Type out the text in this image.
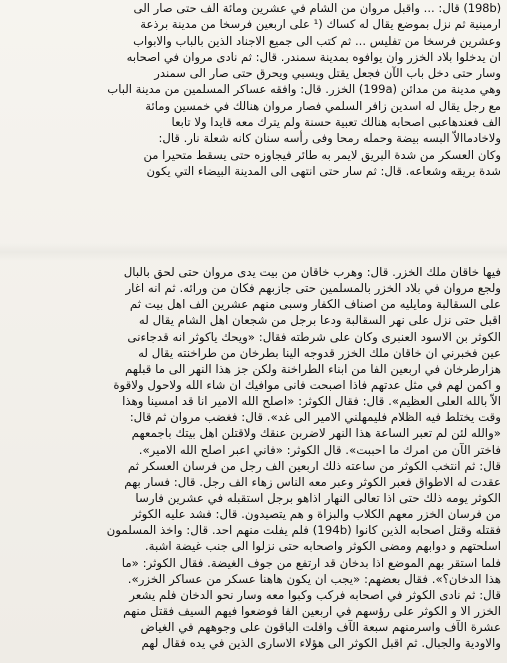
(198b) قال: ... واقبل مروان من الشام في عشرين ومائة الف حتى صار الى
ارمينية ثم نزل بموضع يقال له كساك (¹ على اربعين فرسخا من مدينة برذعة
وعشرين فرسخا من تفليس ... ثم كتب الى جميع الاجناد الذين بالباب والابواب
ان يدخلوا بلاد الخزر وان يوافوه بمدينة سمندر. قال: ثم نادى مروان في اصحابه
وسار حتى دخل باب الآن فجعل يقتل ويسبي ويحرق حتى صار الى سمندر
وهي مدينة من مدائن (199a) الخزر. قال: وافقه عساكر المسلمين من مدينة الباب
مع رجل يقال له اسدين زافر السلمي فصار مروان هنالك في خمسين ومائة
الف فعندهاعبى اصحابه هنالك تعبية حسنة ولم يترك معه قايدا ولا تابعا
ولاخادماالاّ البسه بيضة وحمله رمحا وفى رأسه سنان كانه شعلة نار. قال:
وكان العسكر من شدة البريق لايمر به طائر فيجاوزه حتى يسقط متحيرا من
شدة بريقه وشعاعه. قال: ثم سار حتى انتهى الى المدينة البيضاء التي يكون
فيها خاقان ملك الخزر. قال: وهرب خاقان من بيت يدى مروان حتى لحق بالبال
ولجع مروان في بلاد الخزر بالمسلمين حتى جازبهم فكان من ورائه. ثم انه اغار
على السقالبة ومايليه من اصناف الكفار وسبى منهم عشرين الف اهل بيت ثم
اقبل حتى نزل على نهر السقالبة ودعا برجل من شجعان اهل الشام يقال له
الكوثر بن الاسود العنبرى وكان على شرطته فقال: «ويحك ياكوثر انه قدجاءنى
عين فخبرني ان خاقان ملك الخزر قدوجه الينا بطرخان من طراخنته يقال له
هزارطرخان في اربعين الفا من ابناء الطراخنة ولكن جز هذا النهر الى ما قبلهم
و اكمن لهم في مثل عدتهم فاذا اصبحت فانى موافيك ان شاء الله ولاحول ولاقوة
الاّ بالله العلى العظيم». قال: فقال الكوثر: «اصلح الله الامير انا قد امسينا وهذا
وقت يختلط فيه الظلام فليمهلني الامير الى غد». قال: فغضب مروان ثم قال:
«والله لئن لم تعبر الساعة هذا النهر لاضربن عنقك ولاقتلن اهل بيتك باجمعهم
فاختر الآن من امرك ما احببت». قال الكوثر: «فاني اعبر اصلح الله الامير».
قال: ثم انتخب الكوثر من ساعته ذلك اربعين الف رجل من فرسان العسكر ثم
عقدت له الاطواق فعبر الكوثر وعبر معه الناس زهاء الف رجل. قال: فسار بهم
الكوثر يومه ذلك حتى اذا تعالى النهار اذاهو برجل استقبله في عشرين فارسا
من فرسان الخزر معهم الكلاب والبزاة و هم يتصيدون. قال: فشد عليه الكوثر
فقتله وقتل اصحابه الذين كانوا (194b) فلم يفلت منهم احد. قال: واخذ المسلمون
اسلحتهم و دوابهم ومضى الكوثر واصحابه حتى نزلوا الى جنب غيضة اشبة.
فلما استقر بهم الموضع اذا بدخان قد ارتفع من جوف الغيضة. فقال الكوثر: «ما
هذا الدخان؟». فقال بعضهم: «يجب ان يكون هاهنا عسكر من عساكر الخزر».
قال: ثم نادى الكوثر في اصحابه فركب وكبوا معه وسار نحو الدخان فلم يشعر
الخزر الا و الكوثر على رؤسهم في اربعين الفا فوضعوا فيهم السيف فقتل منهم
عشرة الآف واسرمنهم سبعة الآف وافلت الباقون على وجوههم في الغياض
والاودية والجبال. ثم اقبل الكوثر الى هؤلاء الاسارى الذين في يده فقال لهم
